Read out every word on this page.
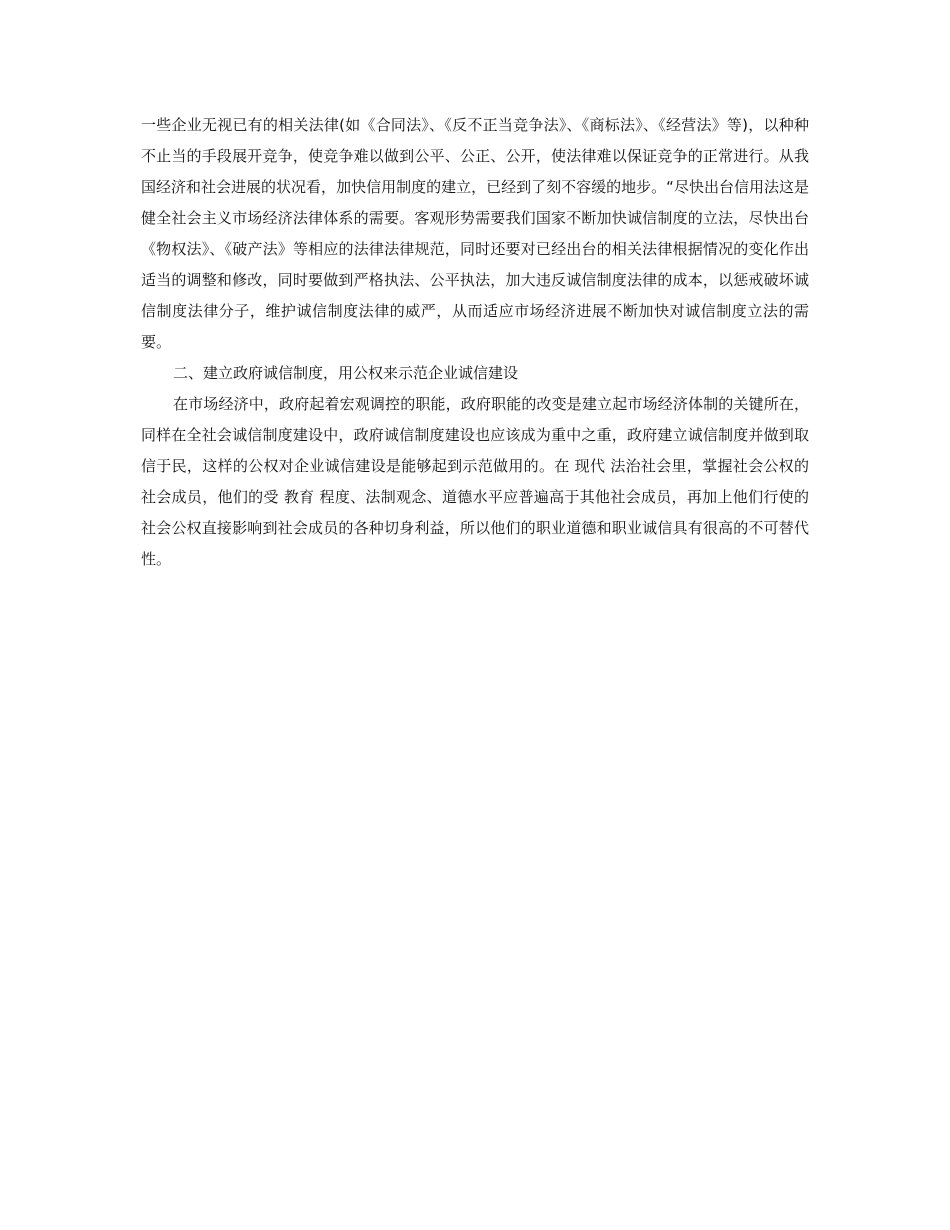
一些企业无视已有的相关法律(如《合同法》、《反不正当竞争法》、《商标法》、《经营法》等)，以种种不止当的手段展开竞争，使竞争难以做到公平、公正、公开，使法律难以保证竞争的正常进行。从我国经济和社会进展的状况看，加快信用制度的建立，已经到了刻不容缓的地步。“尽快出台信用法这是健全社会主义市场经济法律体系的需要。客观形势需要我们国家不断加快诚信制度的立法，尽快出台《物权法》、《破产法》等相应的法律法律规范，同时还要对已经出台的相关法律根据情况的变化作出适当的调整和修改，同时要做到严格执法、公平执法，加大违反诚信制度法律的成本，以惩戒破坏诚信制度法律分子，维护诚信制度法律的威严，从而适应市场经济进展不断加快对诚信制度立法的需要。

二、建立政府诚信制度，用公权来示范企业诚信建设

在市场经济中，政府起着宏观调控的职能，政府职能的改变是建立起市场经济体制的关键所在，同样在全社会诚信制度建设中，政府诚信制度建设也应该成为重中之重，政府建立诚信制度并做到取信于民，这样的公权对企业诚信建设是能够起到示范做用的。在 现代 法治社会里，掌握社会公权的社会成员，他们的受 教育 程度、法制观念、道德水平应普遍高于其他社会成员，再加上他们行使的社会公权直接影响到社会成员的各种切身利益，所以他们的职业道德和职业诚信具有很高的不可替代性。
